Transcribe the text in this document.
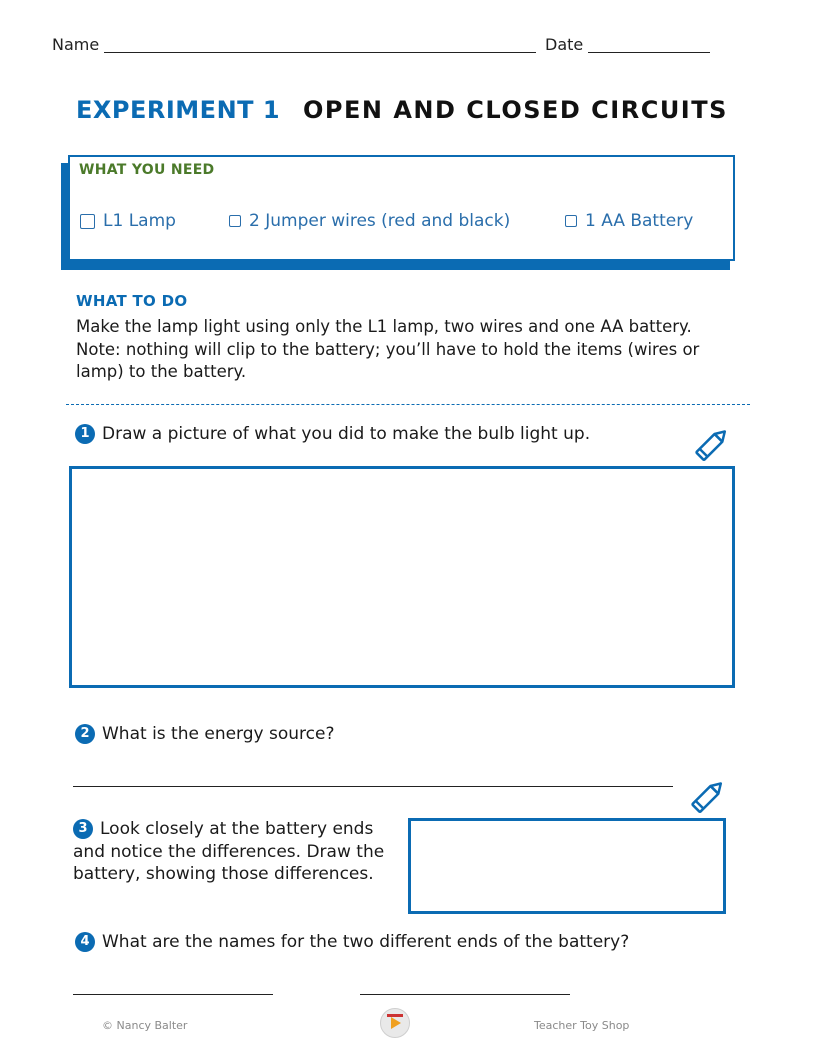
Name	Date
EXPERIMENT 1 OPEN AND CLOSED CIRCUITS
WHAT YOU NEED
L1 Lamp	2 Jumper wires (red and black)	1 AA Battery
WHAT TO DO
Make the lamp light using only the L1 lamp, two wires and one AA battery. Note: nothing will clip to the battery; you’ll have to hold the items (wires or lamp) to the battery.
1 Draw a picture of what you did to make the bulb light up.
2 What is the energy source?
3 Look closely at the battery ends and notice the differences. Draw the battery, showing those differences.
4 What are the names for the two different ends of the battery?
© Nancy Balter	Teacher Toy Shop
